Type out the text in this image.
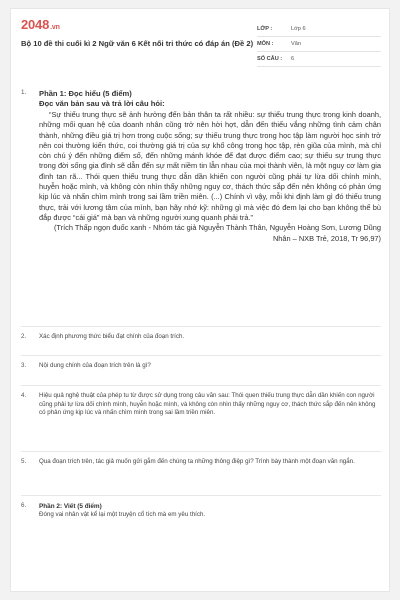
2048.vn
Bộ 10 đề thi cuối kì 2 Ngữ văn 6 Kết nối tri thức có đáp án (Đề 2)
LỚP :	Lớp 6
MÔN :	Văn
SỐ CÂU : 6
1. Phần 1: Đọc hiểu (5 điểm)
Đọc văn bản sau và trả lời câu hỏi:
“Sự thiếu trung thực sẽ ảnh hưởng đến bản thân ta rất nhiều: sự thiếu trung thực trong kinh doanh, những mối quan hệ của doanh nhân cũng trở nên hời hợt, dẫn đến thiếu vắng những tình cảm chân thành, những điều giá trị hơn trong cuộc sống; sự thiếu trung thực trong học tập làm người học sinh trở nên coi thường kiến thức, coi thường giá trị của sự khổ công trong học tập, rèn giũa của mình, mà chỉ còn chú ý đến những điểm số, đến những mánh khóe để đạt được điểm cao; sự thiếu sự trung thực trong đời sống gia đình sẽ dẫn đến sự mất niềm tin lẫn nhau của mọi thành viên, là một nguy cơ làm gia đình tan rã... Thói quen thiếu trung thực dẫn dần khiến con người cũng phải tự lừa dối chính mình, huyễn hoặc mình, và không còn nhìn thấy những nguy cơ, thách thức sắp đến nên không có phản ứng kịp lúc và nhấn chìm mình trong sai lầm triền miên. (...) Chính vì vậy, mỗi khi định làm gì đó thiếu trung thực, trải với lương tâm của mình, bạn hãy nhớ kỹ: những gì mà việc đó đem lại cho bạn không thể bù đắp được “cái giá” mà bạn và những người xung quanh phải trả.”
(Trích Thấp ngọn đuốc xanh - Nhóm tác giả Nguyễn Thành Thân, Nguyễn Hoàng Sơn, Lương Dũng Nhân – NXB Trẻ, 2018, Tr 96,97)
2. Xác định phương thức biểu đạt chính của đoạn trích.
3. Nội dung chính của đoạn trích trên là gì?
4. Hiệu quả nghệ thuật của phép tu từ được sử dụng trong câu văn sau: Thói quen thiếu trung thực dẫn dần khiến con người cũng phải tự lừa dối chính mình, huyễn hoặc mình, và không còn nhìn thấy những nguy cơ, thách thức sắp đến nên không có phản ứng kịp lúc và nhấn chìm mình trong sai lầm triền miên.
5. Qua đoạn trích trên, tác giả muốn gửi gắm đến chúng ta những thông điệp gì? Trình bày thành một đoạn văn ngắn.
6. Phần 2: Viết (5 điểm)
Đóng vai nhân vật kể lại một truyện cổ tích mà em yêu thích.
